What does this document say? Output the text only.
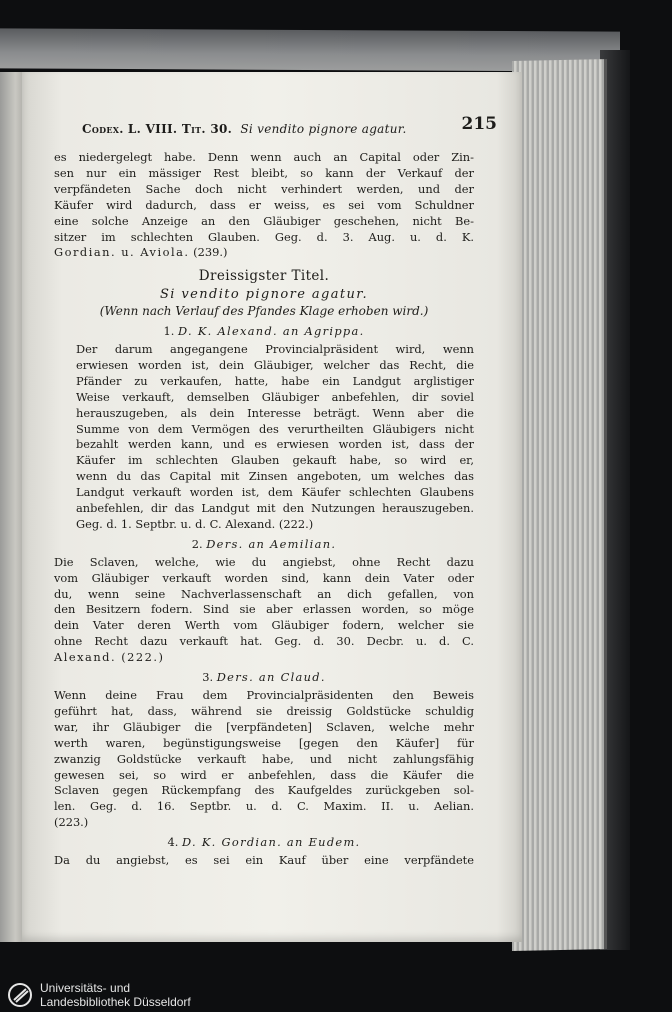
Codex. L. VIII. Tit. 30. Si vendito pignore agatur.	215
es niedergelegt habe. Denn wenn auch an Capital oder Zin-
sen nur ein mässiger Rest bleibt, so kann der Verkauf der
verpfändeten Sache doch nicht verhindert werden, und der
Käufer wird dadurch, dass er weiss, es sei vom Schuldner
eine solche Anzeige an den Gläubiger geschehen, nicht Be-
sitzer im schlechten Glauben. Geg. d. 3. Aug. u. d. K.
Gordian. u. Aviola. (239.)
Dreissigster Titel.
Si vendito pignore agatur.
(Wenn nach Verlauf des Pfandes Klage erhoben wird.)
1. D. K. Alexand. an Agrippa.
Der darum angegangene Provincialpräsident wird, wenn
erwiesen worden ist, dein Gläubiger, welcher das Recht, die
Pfänder zu verkaufen, hatte, habe ein Landgut arglistiger
Weise verkauft, demselben Gläubiger anbefehlen, dir soviel
herauszugeben, als dein Interesse beträgt. Wenn aber die
Summe von dem Vermögen des verurtheilten Gläubigers nicht
bezahlt werden kann, und es erwiesen worden ist, dass der
Käufer im schlechten Glauben gekauft habe, so wird er,
wenn du das Capital mit Zinsen angeboten, um welches das
Landgut verkauft worden ist, dem Käufer schlechten Glaubens
anbefehlen, dir das Landgut mit den Nutzungen herauszugeben.
Geg. d. 1. Septbr. u. d. C. Alexand. (222.)
2. Ders. an Aemilian.
Die Sclaven, welche, wie du angiebst, ohne Recht dazu
vom Gläubiger verkauft worden sind, kann dein Vater oder
du, wenn seine Nachverlassenschaft an dich gefallen, von
den Besitzern fodern. Sind sie aber erlassen worden, so möge
dein Vater deren Werth vom Gläubiger fodern, welcher sie
ohne Recht dazu verkauft hat. Geg. d. 30. Decbr. u. d. C.
Alexand. (222.)
3. Ders. an Claud.
Wenn deine Frau dem Provincialpräsidenten den Beweis
geführt hat, dass, während sie dreissig Goldstücke schuldig
war, ihr Gläubiger die [verpfändeten] Sclaven, welche mehr
werth waren, begünstigungsweise [gegen den Käufer] für
zwanzig Goldstücke verkauft habe, und nicht zahlungsfähig
gewesen sei, so wird er anbefehlen, dass die Käufer die
Sclaven gegen Rückempfang des Kaufgeldes zurückgeben sol-
len. Geg. d. 16. Septbr. u. d. C. Maxim. II. u. Aelian.
(223.)
4. D. K. Gordian. an Eudem.
Da du angiebst, es sei ein Kauf über eine verpfändete
Universitäts- und
Landesbibliothek Düsseldorf
